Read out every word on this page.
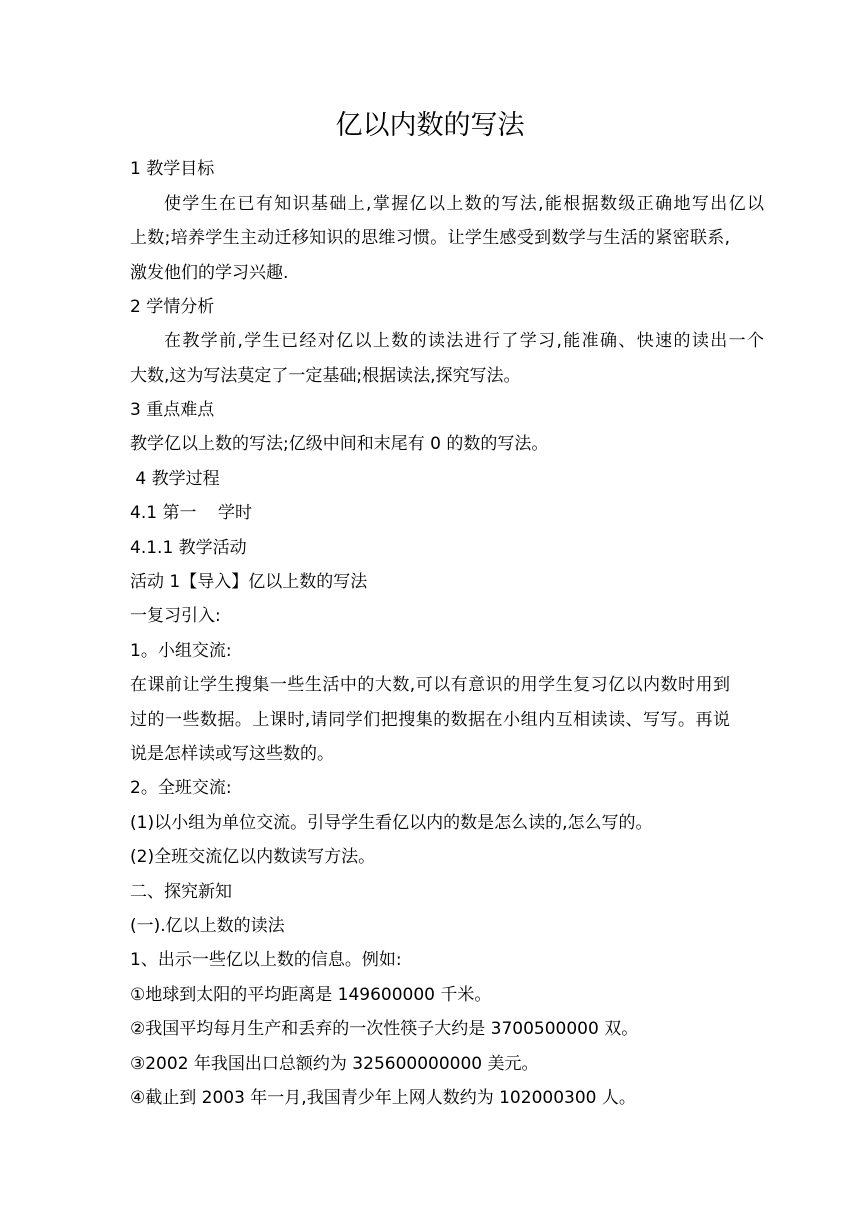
亿以内数的写法
1 教学目标
使学生在已有知识基础上,掌握亿以上数的写法,能根据数级正确地写出亿以
上数;培养学生主动迁移知识的思维习惯。让学生感受到数学与生活的紧密联系,
激发他们的学习兴趣.
2 学情分析
在教学前,学生已经对亿以上数的读法进行了学习,能准确、快速的读出一个
大数,这为写法莫定了一定基础;根据读法,探究写法。
3 重点难点
教学亿以上数的写法;亿级中间和末尾有 0 的数的写法。
4 教学过程
4.1 第一    学时
4.1.1 教学活动
活动 1【导入】亿以上数的写法
一复习引入:
1。小组交流:
在课前让学生搜集一些生活中的大数,可以有意识的用学生复习亿以内数时用到
过的一些数据。上课时,请同学们把搜集的数据在小组内互相读读、写写。再说
说是怎样读或写这些数的。
2。全班交流:
(1)以小组为单位交流。引导学生看亿以内的数是怎么读的,怎么写的。
(2)全班交流亿以内数读写方法。
二、探究新知
(一).亿以上数的读法
1、出示一些亿以上数的信息。例如:
①地球到太阳的平均距离是 149600000 千米。
②我国平均每月生产和丢弃的一次性筷子大约是 3700500000 双。
③2002 年我国出口总额约为 325600000000 美元。
④截止到 2003 年一月,我国青少年上网人数约为 102000300 人。
